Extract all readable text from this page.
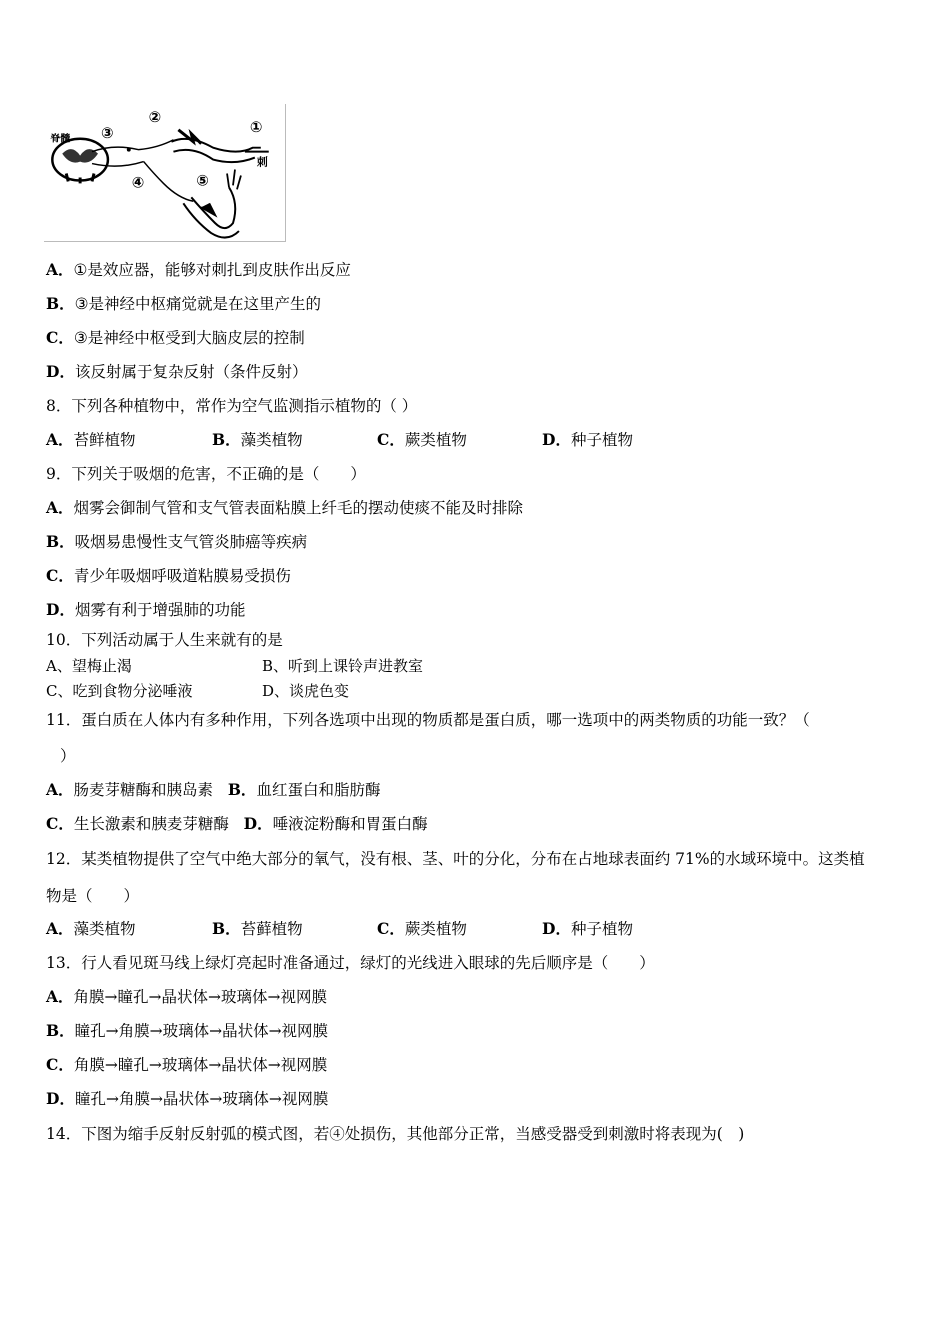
脊髓
刺
③
②
①
④	⑤
A．①是效应器，能够对刺扎到皮肤作出反应
B．③是神经中枢痛觉就是在这里产生的
C．③是神经中枢受到大脑皮层的控制
D．该反射属于复杂反射（条件反射）
8．下列各种植物中，常作为空气监测指示植物的（ ）
A．苔鲜植物	B．藻类植物	C．蕨类植物	D．种子植物
9．下列关于吸烟的危害，不正确的是（　　）
A．烟雾会御制气管和支气管表面粘膜上纤毛的摆动使痰不能及时排除
B．吸烟易患慢性支气管炎肺癌等疾病
C．青少年吸烟呼吸道粘膜易受损伤
D．烟雾有利于增强肺的功能
10．下列活动属于人生来就有的是
A、望梅止渴	B、听到上课铃声进教室
C、吃到食物分泌唾液	D、谈虎色变
11．蛋白质在人体内有多种作用，下列各选项中出现的物质都是蛋白质，哪一选项中的两类物质的功能一致？（
）
A．肠麦芽糖酶和胰岛素 B．血红蛋白和脂肪酶
C．生长激素和胰麦芽糖酶 D．唾液淀粉酶和胃蛋白酶
12．某类植物提供了空气中绝大部分的氧气，没有根、茎、叶的分化，分布在占地球表面约 71%的水域环境中。这类植
物是（　　）
A．藻类植物	B．苔藓植物	C．蕨类植物	D．种子植物
13．行人看见斑马线上绿灯亮起时准备通过，绿灯的光线进入眼球的先后顺序是（　　）
A．角膜→瞳孔→晶状体→玻璃体→视网膜
B．瞳孔→角膜→玻璃体→晶状体→视网膜
C．角膜→瞳孔→玻璃体→晶状体→视网膜
D．瞳孔→角膜→晶状体→玻璃体→视网膜
14．下图为缩手反射反射弧的模式图，若④处损伤，其他部分正常，当感受器受到刺激时将表现为(　)
